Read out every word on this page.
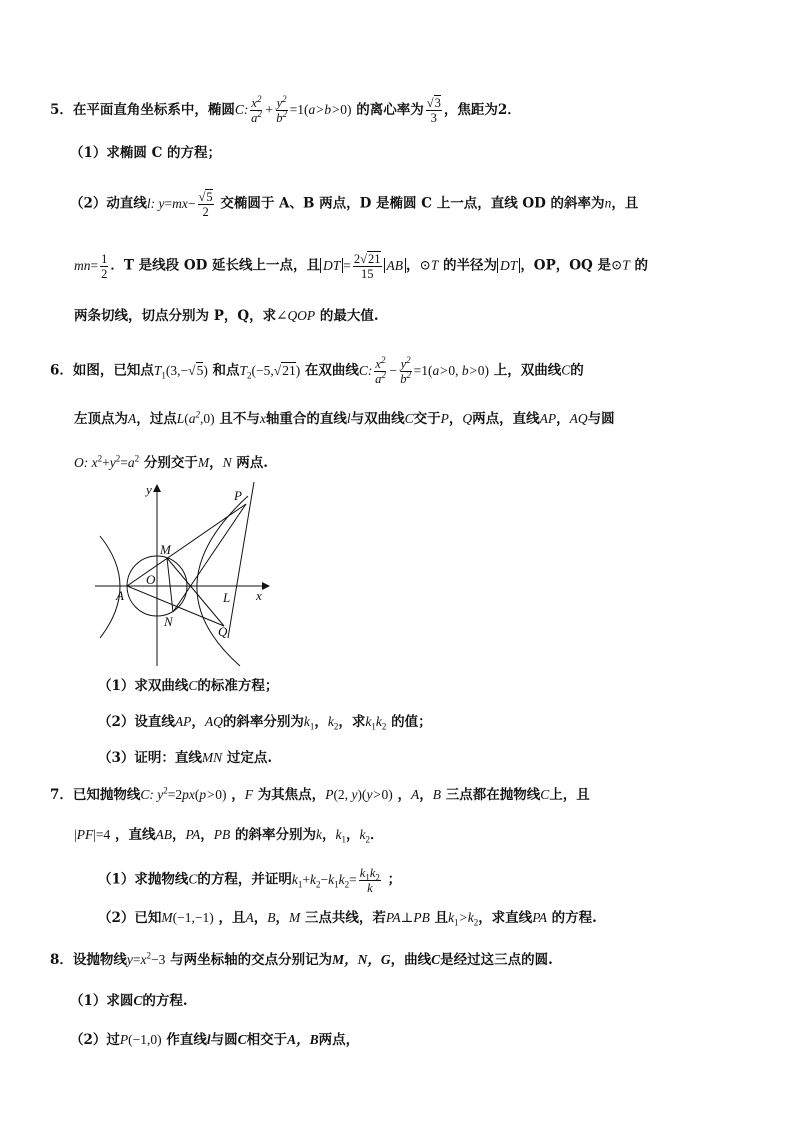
5．在平面直角坐标系中，椭圆C: $\frac{x^2}{a^2} + \frac{y^2}{b^2} =1(a>b>0)$ 的离心率为 $\frac{√3}{3}$ ，焦距为2．
（1）求椭圆 C 的方程；
（2）动直线l: $y=mx- \frac{√5}{2}$ 交椭圆于 A、B 两点，D 是椭圆 C 上一点，直线 OD 的斜率为n，且
$mn= \frac{1}{2}$ ．T 是线段 OD 延长线上一点，且 DT = $\frac{2√21}{15}$ AB ，⊙T 的半径为 DT ，OP，OQ 是⊙T 的
两条切线，切点分别为 P，Q，求∠QOP 的最大值.
6．如图，已知点$T_1(3,-√5)$ 和点$T_2(-5,√21)$ 在双曲线C: $\frac{x^2}{a^2} - \frac{y^2}{b^2} =1(a>0$, b>0) 上，双曲线C的
左顶点为A，过点$L(a^2,0)$ 且不与x轴重合的直线l与双曲线C交于P，Q两点，直线AP，AQ与圆
O: $x^2+y^2=a^2$ 分别交于M，N 两点.
y
x
P
M
O
A	L
N
Q
（1）求双曲线C的标准方程；
（2）设直线AP，AQ的斜率分别为$k_1$，$k_2$，求$k_1k_2$ 的值；
（3）证明：直线MN 过定点.
7．已知抛物线C: $y^2=2px(p>0)$ ，F 为其焦点，P(2, y)(y>0) ，A，B 三点都在抛物线C上，且
|PF|=4 ，直线AB，PA，PB 的斜率分别为k，$k_1$，$k_2$．
（1）求抛物线C的方程，并证明$k_1+k_2-k_1k_2= \frac{k_1k_2}{k}$ ；
（2）已知M(−1,−1) ，且A，B，M 三点共线，若PA⊥PB 且$k_1>k_2$，求直线PA 的方程.
8．设抛物线$y=x^2-3$ 与两坐标轴的交点分别记为M，N，G，曲线C是经过这三点的圆.
（1）求圆C的方程.
（2）过P(−1,0) 作直线l与圆C相交于A，B两点，
